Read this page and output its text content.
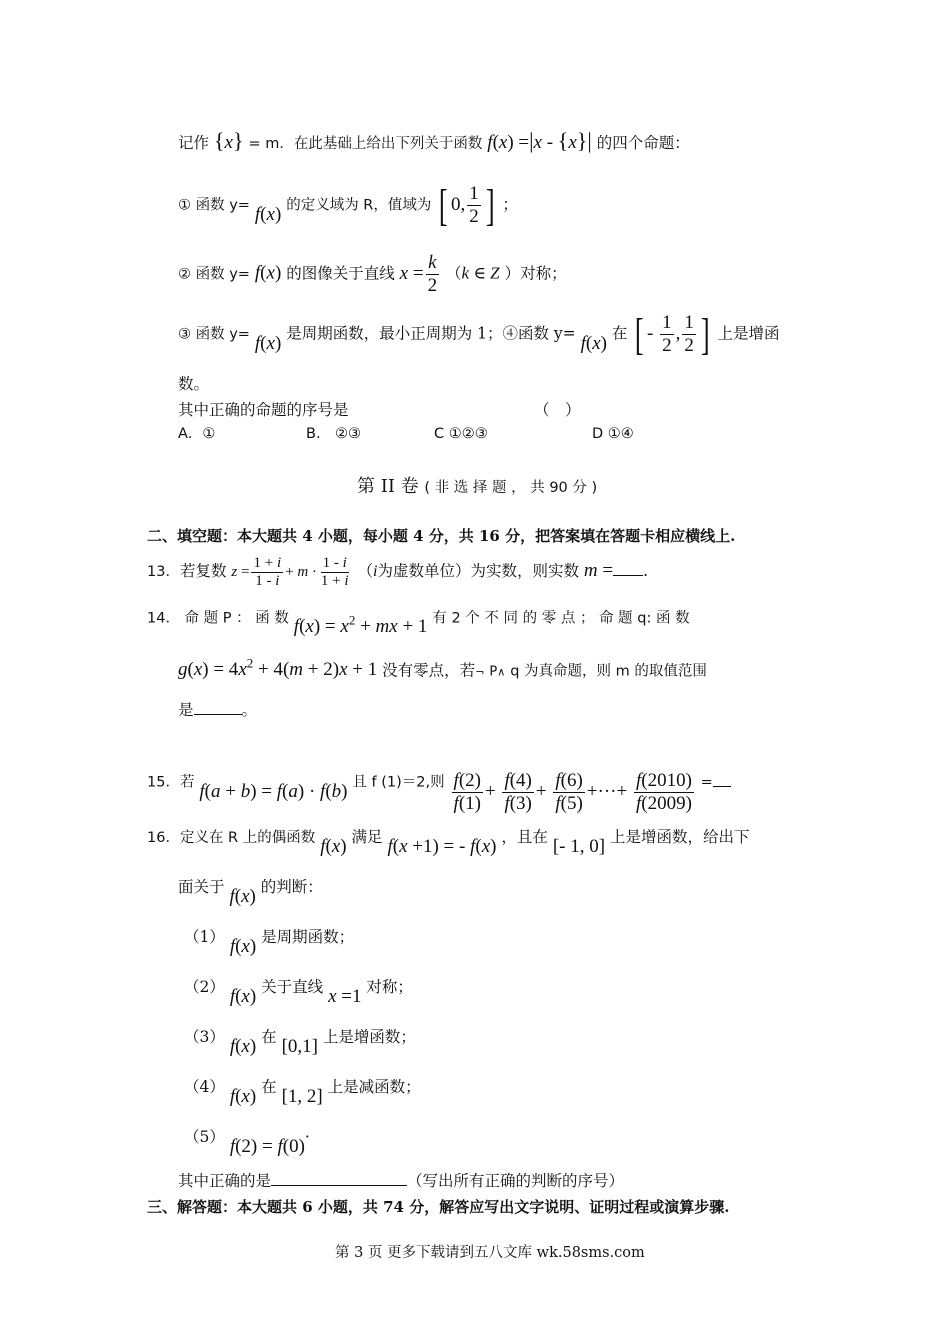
记作 {x} = m．在此基础上给出下列关于函数 f(x) =|x - {x}| 的四个命题：
① 函数 y= f(x) 的定义域为 R，值域为 [ 0, $\frac{1}{2}$ ] ；
② 函数 y= f(x) 的图像关于直线 $x = \frac{k}{2} (k$ ∈ Z ）对称；
③ 函数 y= f(x) 是周期函数，最小正周期为 1；④函数 y= f(x) 在 [ - $\frac{1}{2}$ , $\frac{1}{2}$ ] 上是增函
数。
其中正确的命题的序号是	（　）
A．①	B.　②③	C ①②③	D ①④
第 II 卷 ( 非 选 择 题 ， 共 90 分 )
二、填空题：本大题共 4 小题，每小题 4 分，共 16 分，把答案填在答题卡相应横线上.
13．若复数 $z = \frac{1 + i}{1 - i} + m \cdot \frac{1 - i}{1 + i} (i$为虚数单位）为实数，则实数 m = .
14． 命 题 P ： 函 数 $f(x) = x^2$ + mx + 1 有 2 个 不 同 的 零 点 ； 命 题 q: 函 数
$g(x) = 4x^2 + 4(m + 2)x + 1$ 没有零点，若¬ P∧ q 为真命题，则 m 的取值范围
是	。
15．若 f(a + b) = f(a) · f(b) 且 f (1)＝2,则 $\frac{f(2)}{f(1)} + \frac{f(4)}{f(3)} + \frac{f(6)}{f(5)}$ +···+ $\frac{f(2010)}{f(2009)}$ =
16．定义在 R 上的偶函数 f(x) 满足 f(x +1) = - f(x) ，且在 [- 1, 0] 上是增函数，给出下
面关于 f(x) 的判断：
（1） f(x) 是周期函数；
（2） f(x) 关于直线 x =1 对称；
（3） f(x) 在 [0,1] 上是增函数；
（4） f(x) 在 [1, 2] 上是减函数；
（5） f(2) = f(0)·
其中正确的是	（写出所有正确的判断的序号）
三、解答题：本大题共 6 小题，共 74 分，解答应写出文字说明、证明过程或演算步骤.
第 3 页 更多下载请到五八文库 wk.58sms.com
